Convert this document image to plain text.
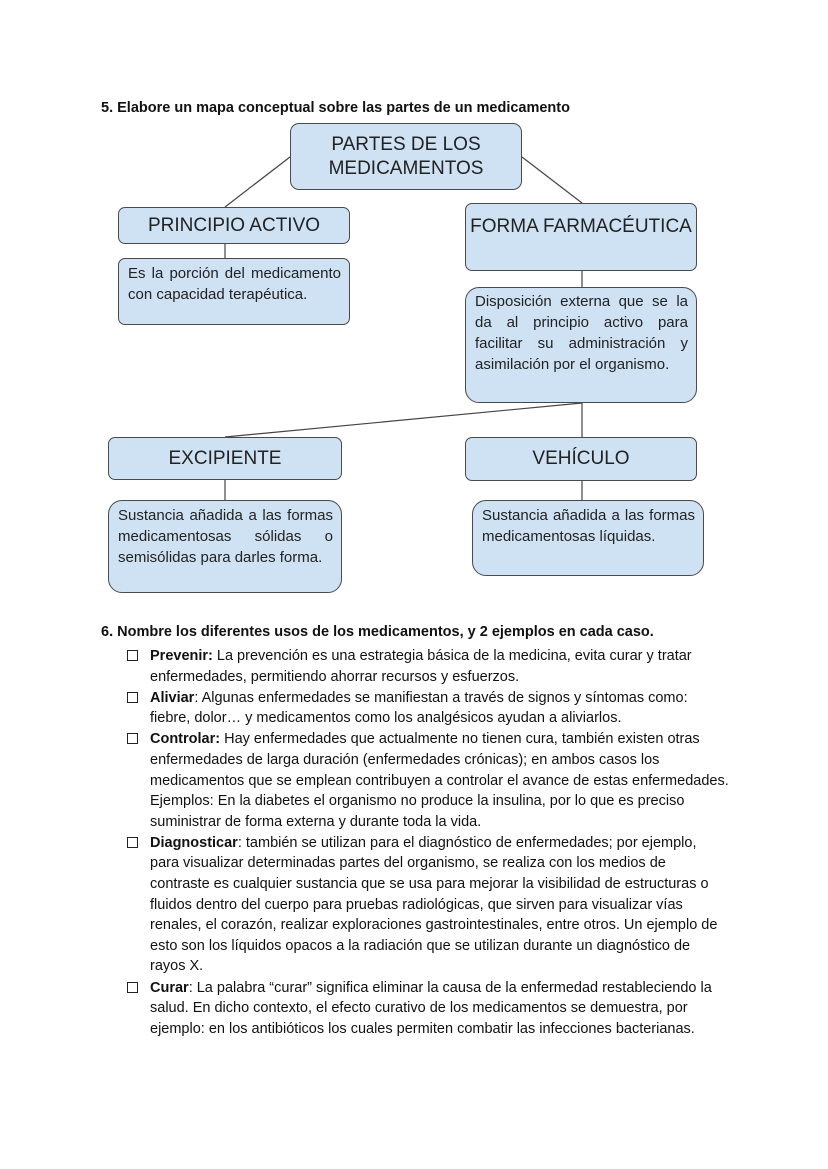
5. Elabore un mapa conceptual sobre las partes de un medicamento
PARTES DE LOS MEDICAMENTOS
PRINCIPIO ACTIVO	FORMA FARMACÉUTICA
Es la porción del medicamento con capacidad terapéutica.	Disposición externa que se la da al principio activo para facilitar su administración y asimilación por el organismo.
EXCIPIENTE	VEHÍCULO
Sustancia añadida a las formas medicamentosas sólidas o semisólidas para darles forma.
Sustancia añadida a las formas medicamentosas líquidas.
6. Nombre los diferentes usos de los medicamentos, y 2 ejemplos en cada caso.
Prevenir: La prevención es una estrategia básica de la medicina, evita curar y tratar enfermedades, permitiendo ahorrar recursos y esfuerzos.
Aliviar: Algunas enfermedades se manifiestan a través de signos y síntomas como: fiebre, dolor… y medicamentos como los analgésicos ayudan a aliviarlos.
Controlar: Hay enfermedades que actualmente no tienen cura, también existen otras enfermedades de larga duración (enfermedades crónicas); en ambos casos los medicamentos que se emplean contribuyen a controlar el avance de estas enfermedades. Ejemplos: En la diabetes el organismo no produce la insulina, por lo que es preciso suministrar de forma externa y durante toda la vida.
Diagnosticar: también se utilizan para el diagnóstico de enfermedades; por ejemplo, para visualizar determinadas partes del organismo, se realiza con los medios de contraste es cualquier sustancia que se usa para mejorar la visibilidad de estructuras o fluidos dentro del cuerpo para pruebas radiológicas, que sirven para visualizar vías renales, el corazón, realizar exploraciones gastrointestinales, entre otros. Un ejemplo de esto son los líquidos opacos a la radiación que se utilizan durante un diagnóstico de rayos X.
Curar: La palabra “curar” significa eliminar la causa de la enfermedad restableciendo la salud. En dicho contexto, el efecto curativo de los medicamentos se demuestra, por ejemplo: en los antibióticos los cuales permiten combatir las infecciones bacterianas.
